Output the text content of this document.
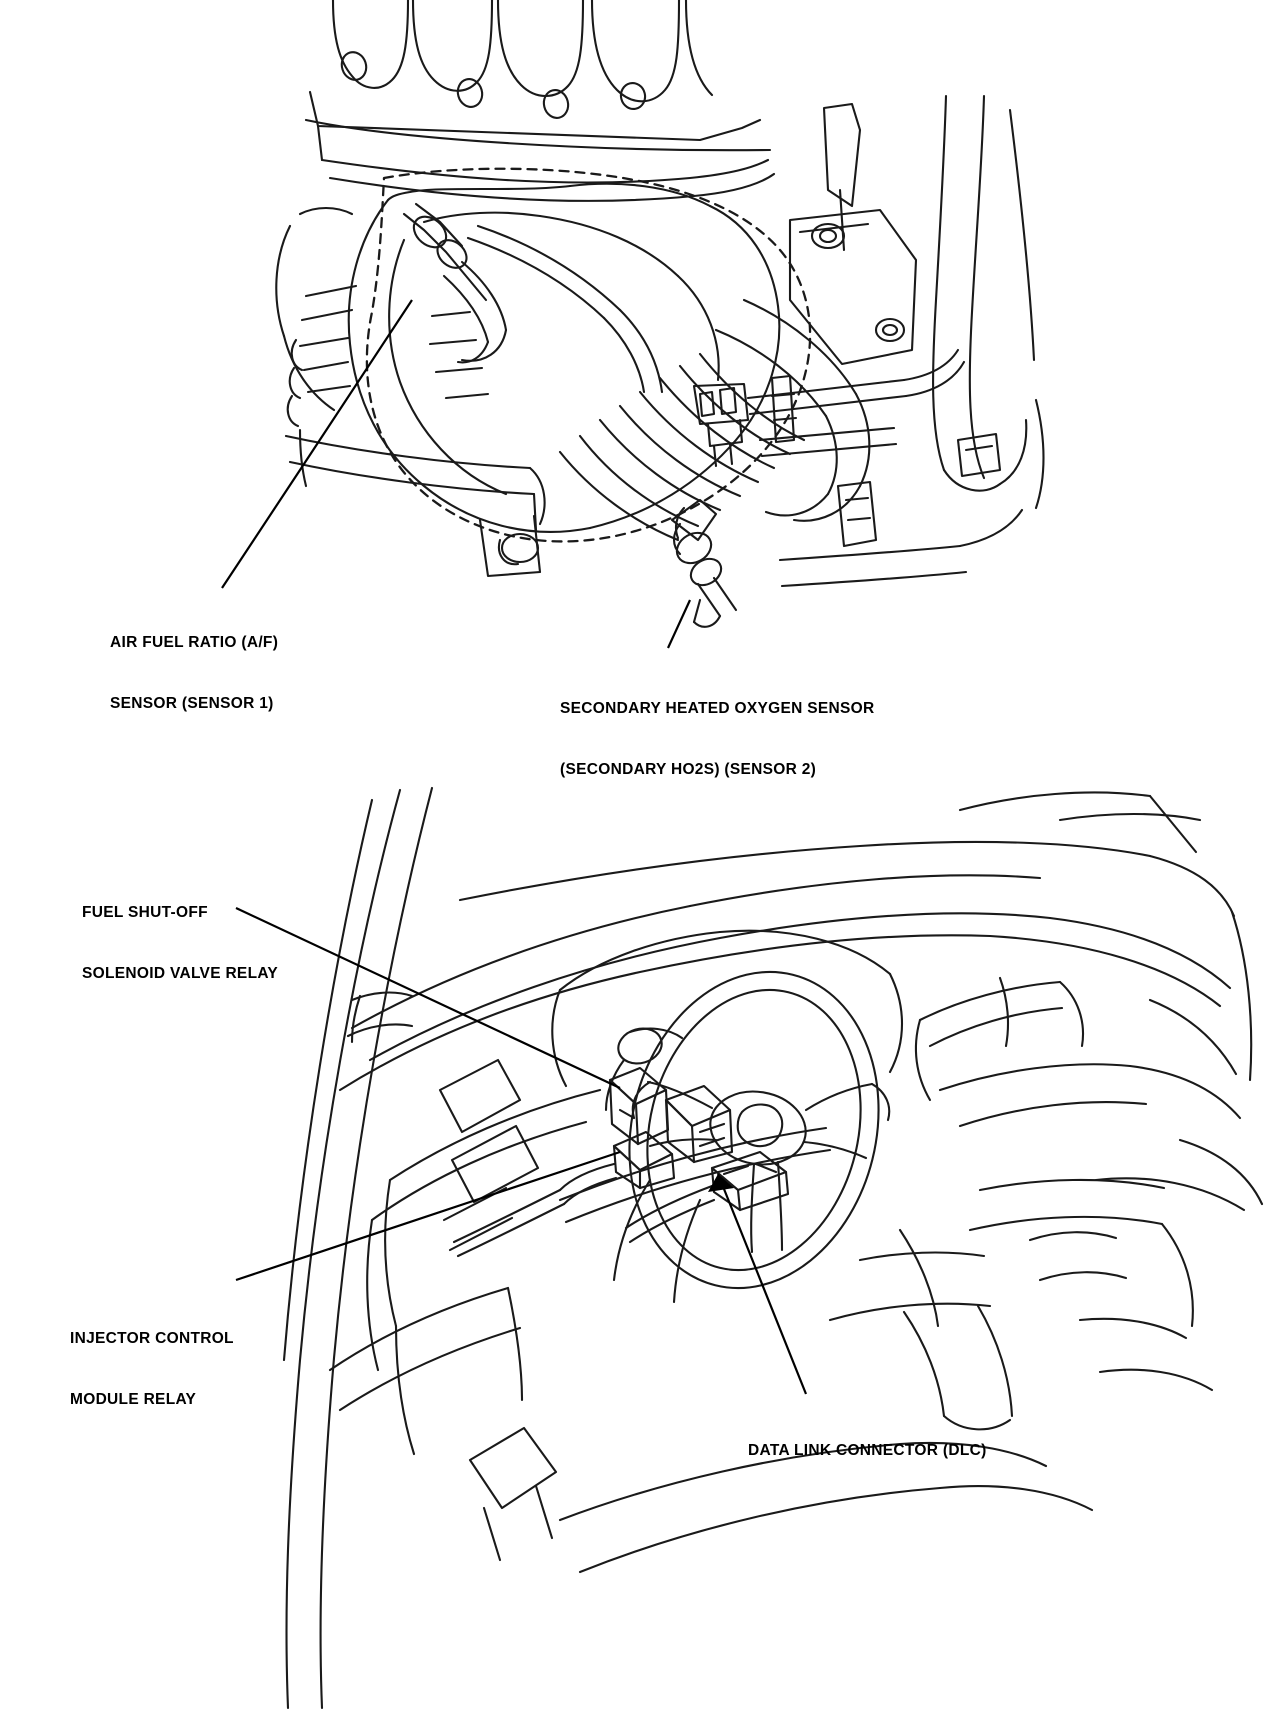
AIR FUEL RATIO (A/F)

SENSOR (SENSOR 1)

	SECONDARY HEATED OXYGEN SENSOR

(SECONDARY HO2S) (SENSOR 2)

FUEL SHUT-OFF

SOLENOID VALVE RELAY

INJECTOR CONTROL

MODULE RELAY

DATA LINK CONNECTOR (DLC)
